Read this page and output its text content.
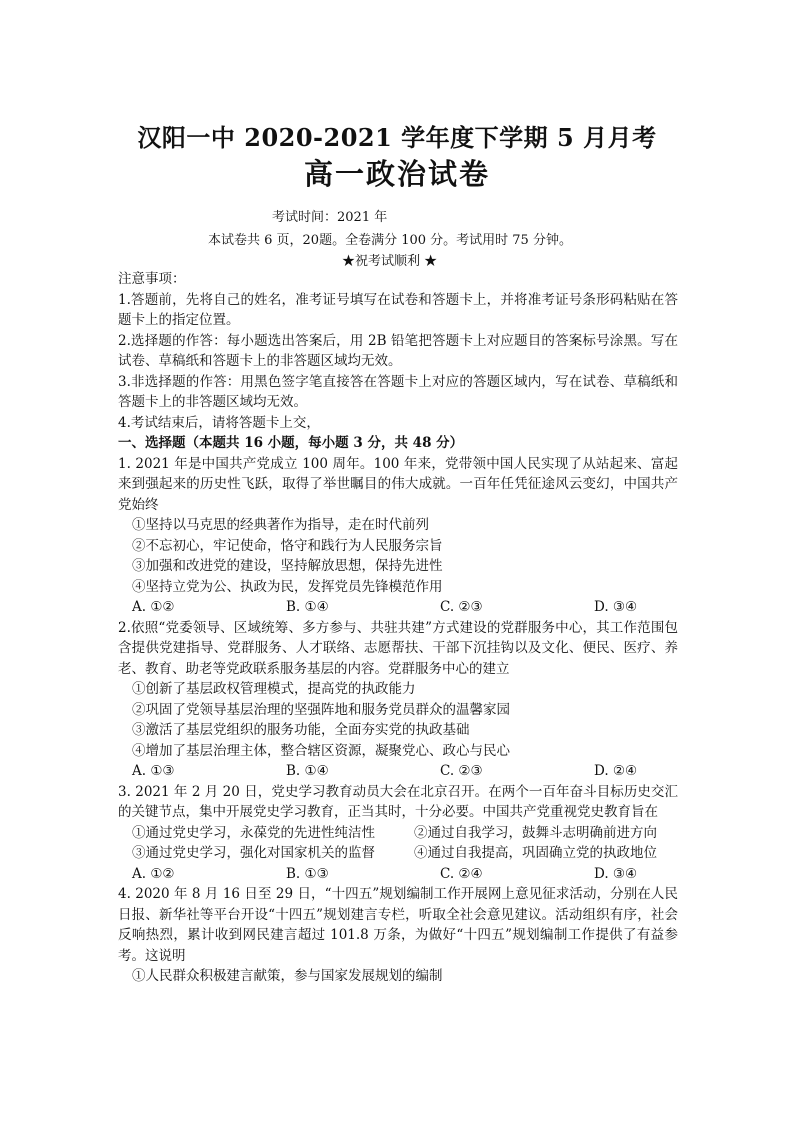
汉阳一中 2020-2021 学年度下学期 5 月月考
高一政治试卷
考试时间：2021 年
本试卷共 6 页，20题。全卷满分 100 分。考试用时 75 分钟。
★祝考试顺利 ★

注意事项：

1.答题前，先将自己的姓名，准考证号填写在试卷和答题卡上，并将准考证号条形码粘贴在答题卡上的指定位置。

2.选择题的作答：每小题选出答案后，用 2B 铅笔把答题卡上对应题目的答案标号涂黑。写在试卷、草稿纸和答题卡上的非答题区域均无效。

3.非选择题的作答：用黑色签字笔直接答在答题卡上对应的答题区域内，写在试卷、草稿纸和答题卡上的非答题区域均无效。

4.考试结束后，请将答题卡上交，

一、选择题（本题共 16 小题，每小题 3 分，共 48 分）

1. 2021 年是中国共产党成立 100 周年。100 年来，党带领中国人民实现了从站起来、富起来到强起来的历史性飞跃，取得了举世瞩目的伟大成就。一百年任凭征途风云变幻，中国共产党始终

①坚持以马克思的经典著作为指导，走在时代前列

②不忘初心，牢记使命，恪守和践行为人民服务宗旨

③加强和改进党的建设，坚持解放思想，保持先进性

④坚持立党为公、执政为民，发挥党员先锋模范作用

A. ①②	B. ①④	C. ②③	D. ③④

2.依照“党委领导、区域统筹、多方参与、共驻共建”方式建设的党群服务中心，其工作范围包含提供党建指导、党群服务、人才联络、志愿帮扶、干部下沉挂钩以及文化、便民、医疗、养老、教育、助老等党政联系服务基层的内容。党群服务中心的建立

①创新了基层政权管理模式，提高党的执政能力

②巩固了党领导基层治理的坚强阵地和服务党员群众的温馨家园

③激活了基层党组织的服务功能，全面夯实党的执政基础

④增加了基层治理主体，整合辖区资源，凝聚党心、政心与民心

A. ①③	B. ①④	C. ②③	D. ②④

3. 2021 年 2 月 20 日，党史学习教育动员大会在北京召开。在两个一百年奋斗目标历史交汇的关键节点，集中开展党史学习教育，正当其时，十分必要。中国共产党重视党史教育旨在

①通过党史学习，永葆党的先进性纯洁性	②通过自我学习，鼓舞斗志明确前进方向
③通过党史学习，强化对国家机关的监督	④通过自我提高，巩固确立党的执政地位
A. ①②	B. ①③	C. ②④	D. ③④

4. 2020 年 8 月 16 日至 29 日，“十四五”规划编制工作开展网上意见征求活动，分别在人民日报、新华社等平台开设“十四五”规划建言专栏，听取全社会意见建议。活动组织有序，社会反响热烈，累计收到网民建言超过 101.8 万条，为做好“十四五”规划编制工作提供了有益参考。这说明

①人民群众积极建言献策，参与国家发展规划的编制
